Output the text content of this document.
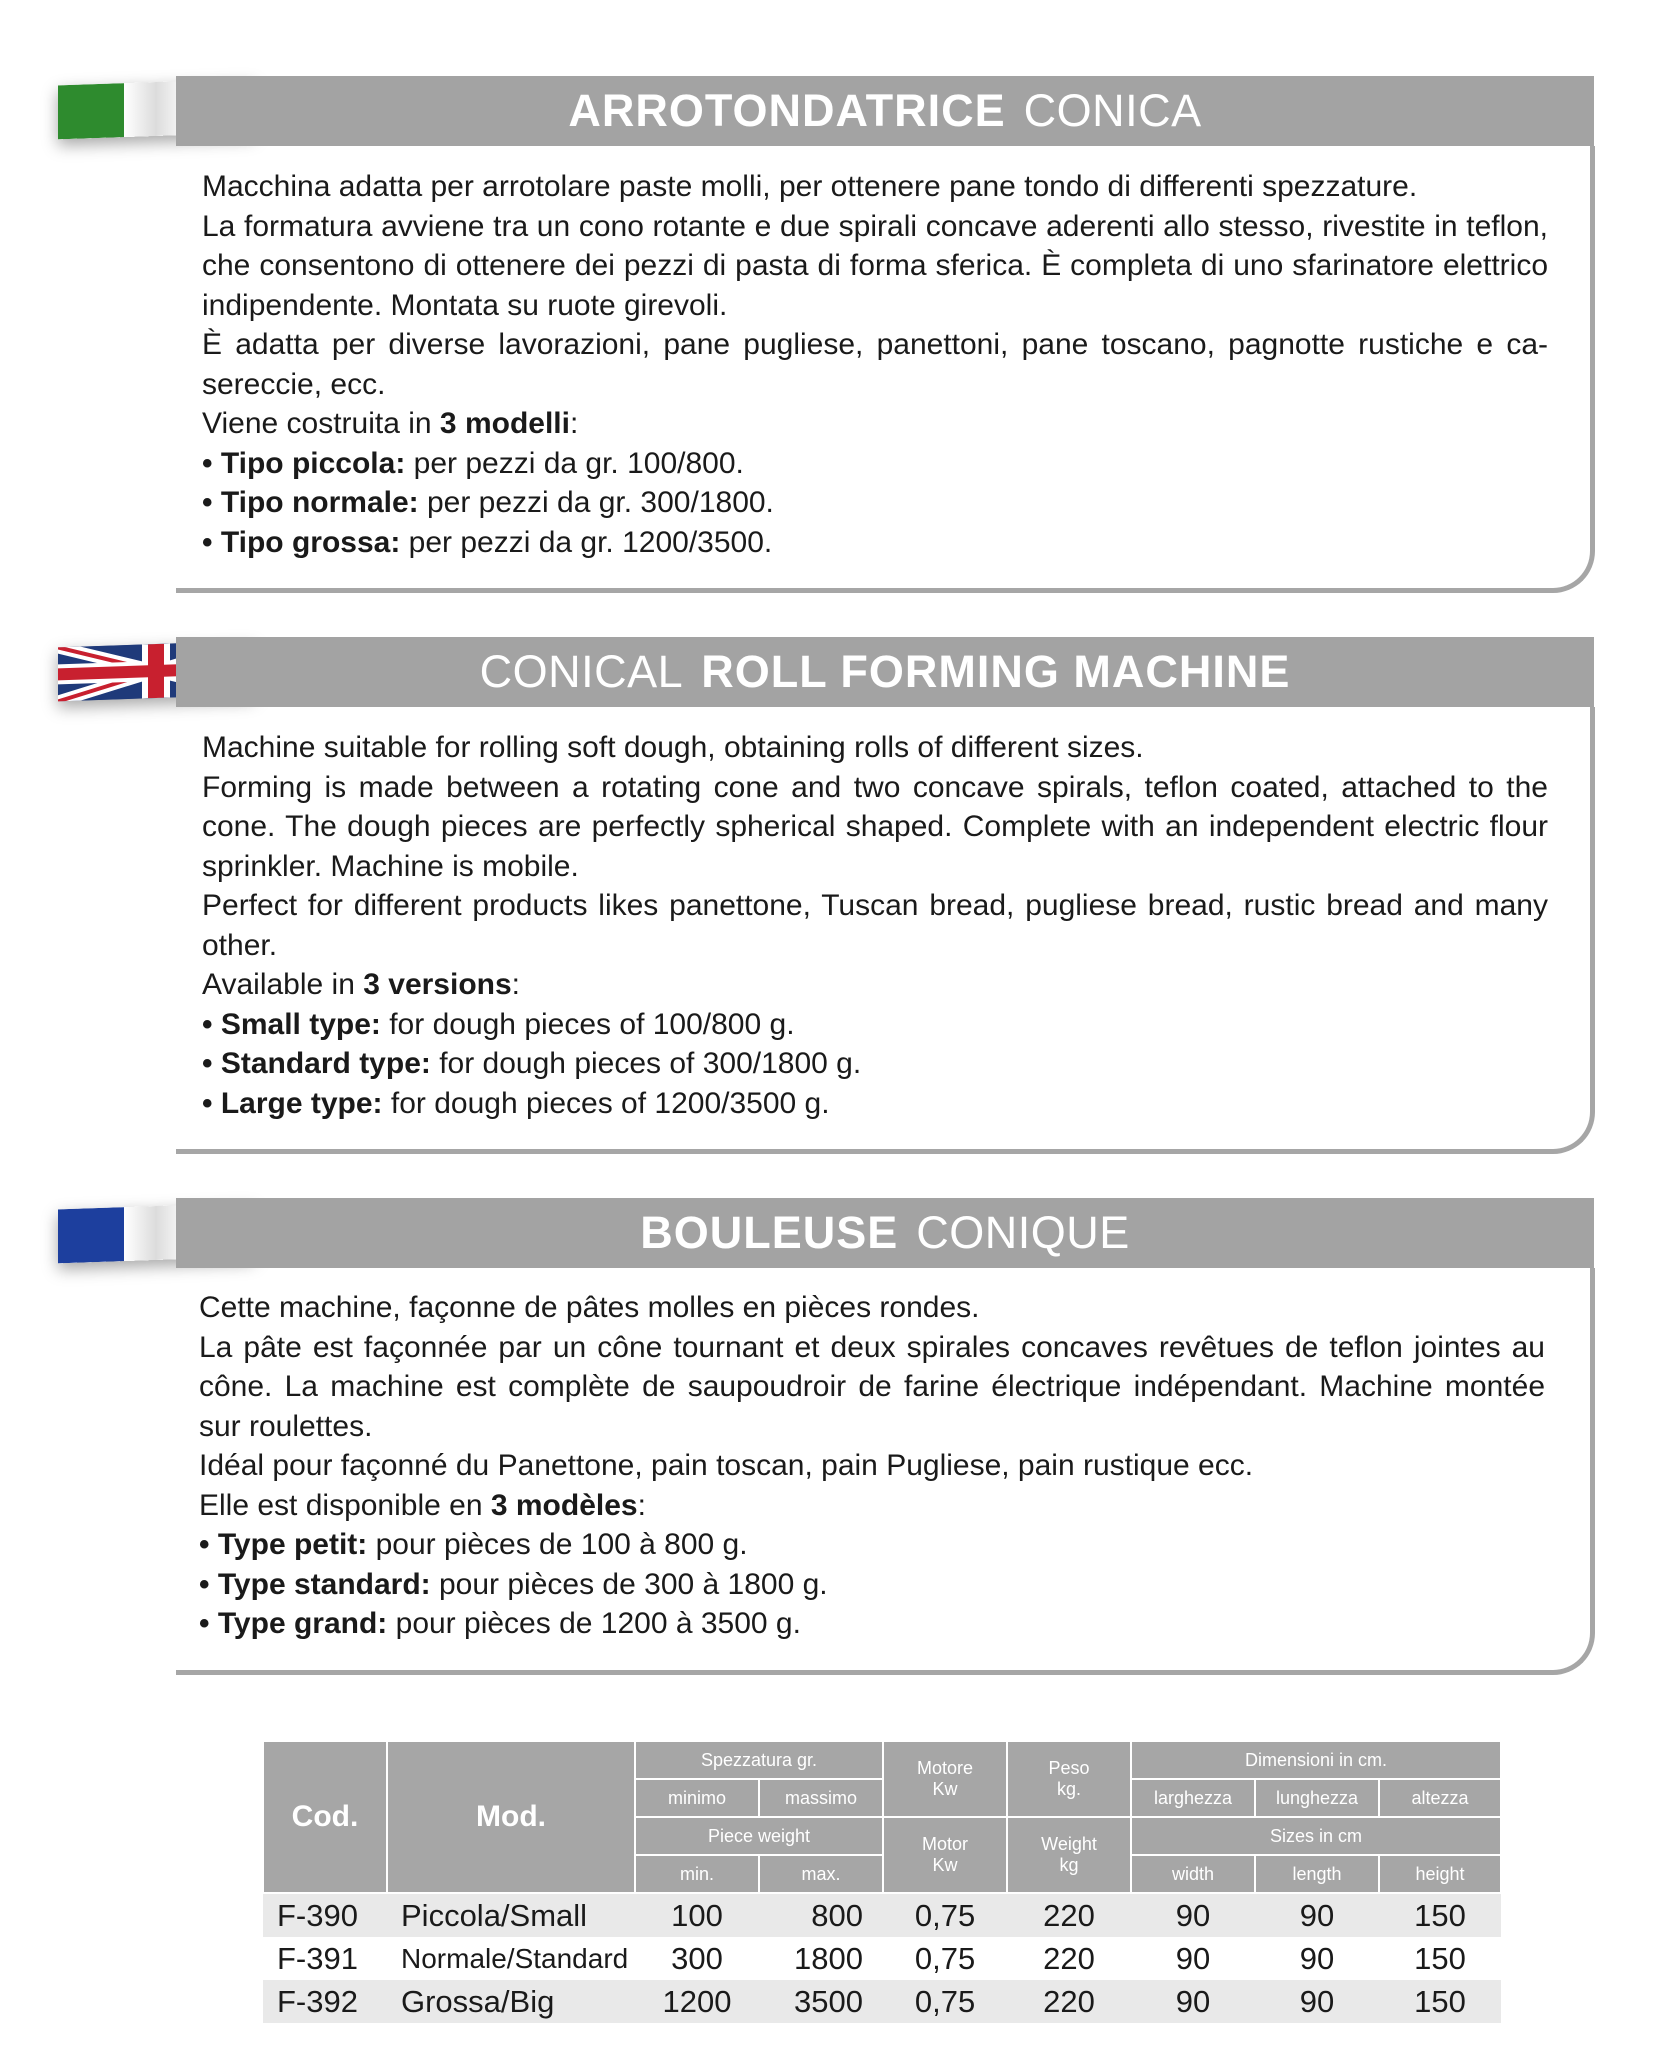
ARROTONDATRICE CONICA

Macchina adatta per arrotolare paste molli, per ottenere pane tondo di differenti spezzature.

La formatura avviene tra un cono rotante e due spirali concave aderenti allo stesso, rivestite in teflon, che consentono di ottenere dei pezzi di pasta di forma sferica. È completa di uno sfarinatore elettrico indipendente. Montata su ruote girevoli.

È adatta per diverse lavorazioni, pane pugliese, panettoni, pane toscano, pagnotte rustiche e ca-sereccie, ecc.

Viene costruita in 3 modelli:

• Tipo piccola: per pezzi da gr. 100/800.

• Tipo normale: per pezzi da gr. 300/1800.

• Tipo grossa: per pezzi da gr. 1200/3500.

CONICAL ROLL FORMING MACHINE

Machine suitable for rolling soft dough, obtaining rolls of different sizes.

Forming is made between a rotating cone and two concave spirals, teflon coated, attached to the cone. The dough pieces are perfectly spherical shaped. Complete with an independent electric flour sprinkler. Machine is mobile.

Perfect for different products likes panettone, Tuscan bread, pugliese bread, rustic bread and many other.

Available in 3 versions:

• Small type: for dough pieces of 100/800 g.

• Standard type: for dough pieces of 300/1800 g.

• Large type: for dough pieces of 1200/3500 g.

BOULEUSE CONIQUE

Cette machine, façonne de pâtes molles en pièces rondes.

La pâte est façonnée par un cône tournant et deux spirales concaves revêtues de teflon jointes au cône. La machine est complète de saupoudroir de farine électrique indépendant. Machine montée sur roulettes.

Idéal pour façonné du Panettone, pain toscan, pain Pugliese, pain rustique ecc.

Elle est disponible en 3 modèles:

• Type petit: pour pièces de 100 à 800 g.

• Type standard: pour pièces de 300 à 1800 g.

• Type grand: pour pièces de 1200 à 3500 g.

Cod.	Mod.	Spezzatura gr.		Motore
Kw	Peso
kg.	Dimensioni in cm.		
		minimo	massimo			larghezza	lunghezza	altezza
		Piece weight		Motor
Kw	Weight
kg	Sizes in cm		
		min.	max.			width	length	height
F-390	Piccola/Small	100	800	0,75	220	90	90	150
F-391	Normale/Standard	300	1800	0,75	220	90	90	150
F-392	Grossa/Big	1200	3500	0,75	220	90	90	150
